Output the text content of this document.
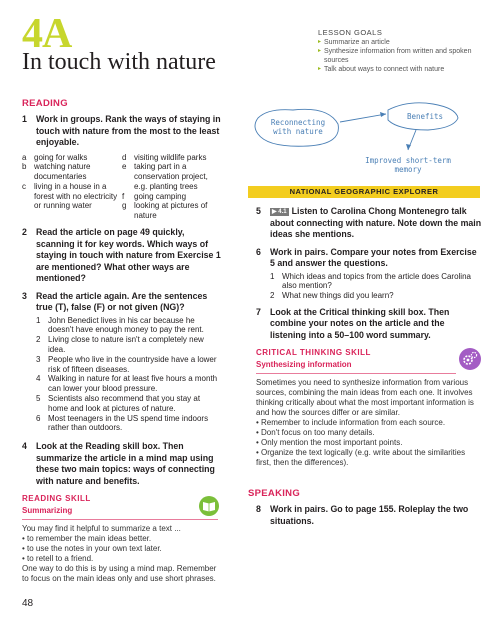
4A
In touch with nature
LESSON GOALS
▸ Summarize an article
▸ Synthesize information from written and spoken sources
▸ Talk about ways to connect with nature
READING
1 Work in groups. Rank the ways of staying in touch with nature from the most to the least enjoyable.
a going for walks
b watching nature documentaries
c living in a house in a forest with no electricity or running water
d visiting wildlife parks
e taking part in a conservation project, e.g. planting trees
f going camping
g looking at pictures of nature
2 Read the article on page 49 quickly, scanning it for key words. Which ways of staying in touch with nature from Exercise 1 are mentioned? What other ways are mentioned?
3 Read the article again. Are the sentences true (T), false (F) or not given (NG)?
1 John Benedict lives in his car because he doesn't have enough money to pay the rent.
2 Living close to nature isn't a completely new idea.
3 People who live in the countryside have a lower risk of fifteen diseases.
4 Walking in nature for at least five hours a month can lower your blood pressure.
5 Scientists also recommend that you stay at home and look at pictures of nature.
6 Most teenagers in the US spend time indoors rather than outdoors.
4 Look at the Reading skill box. Then summarize the article in a mind map using these two main topics: ways of connecting with nature and benefits.
READING SKILL
Summarizing
You may find it helpful to summarize a text ...
• to remember the main ideas better.
• to use the notes in your own text later.
• to retell to a friend.
One way to do this is by using a mind map. Remember to focus on the main ideas only and use short phrases.
Reconnecting with nature
Benefits
Improved short-term memory
NATIONAL GEOGRAPHIC EXPLORER
5 ▶ 4.1 Listen to Carolina Chong Montenegro talk about connecting with nature. Note down the main ideas she mentions.
6 Work in pairs. Compare your notes from Exercise 5 and answer the questions.
1 Which ideas and topics from the article does Carolina also mention?
2 What new things did you learn?
7 Look at the Critical thinking skill box. Then combine your notes on the article and the listening into a 50–100 word summary.
CRITICAL THINKING SKILL
Synthesizing information
Sometimes you need to synthesize information from various sources, combining the main ideas from each one. It involves thinking critically about what the most important information is and how the sources differ or are similar.
• Remember to include information from each source.
• Don't focus on too many details.
• Only mention the most important points.
• Organize the text logically (e.g. write about the similarities first, then the differences).
SPEAKING
8 Work in pairs. Go to page 155. Roleplay the two situations.
48
